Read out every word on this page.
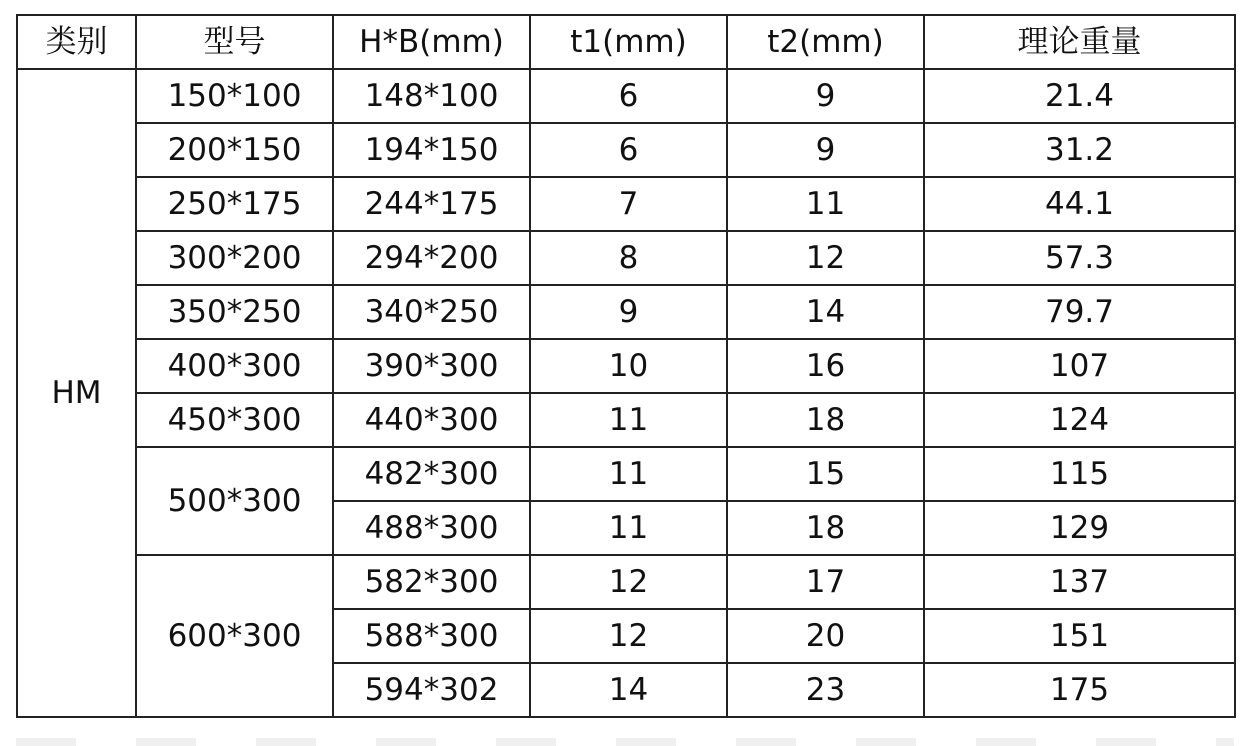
类别	型号	H*B(mm)	t1(mm)	t2(mm)	理论重量
HM	150*100	148*100	6	9	21.4
	200*150	194*150	6	9	31.2
	250*175	244*175	7	11	44.1
	300*200	294*200	8	12	57.3
	350*250	340*250	9	14	79.7
	400*300	390*300	10	16	107
	450*300	440*300	11	18	124
	500*300	482*300	11	15	115
		488*300	11	18	129
	600*300	582*300	12	17	137
		588*300	12	20	151
		594*302	14	23	175
